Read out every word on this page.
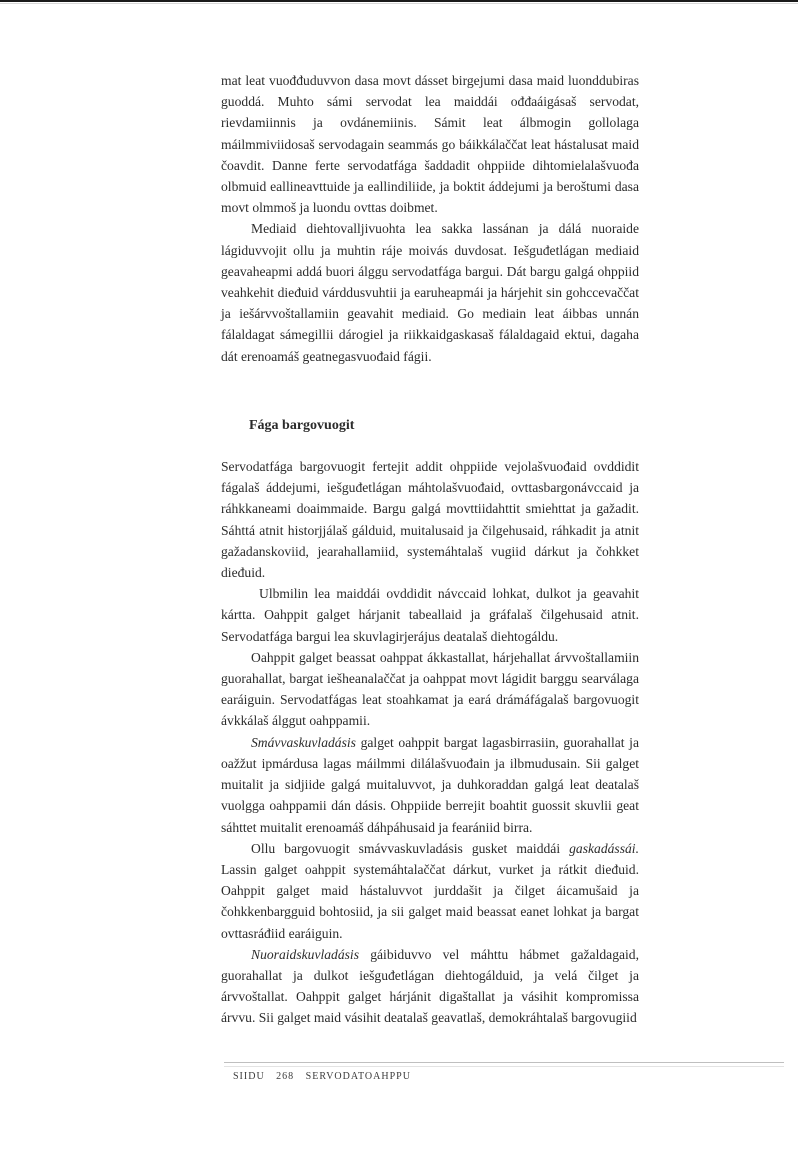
mat leat vuođđuduvvon dasa movt dásset birgejumi dasa maid luonddubiras guoddá. Muhto sámi servodat lea maiddái ođđaáigásaš servodat, rievdamiinnis ja ovdánemiinis. Sámit leat álbmogin gollolaga máilmmiviidosaš servodagain seammás go báikkálaččat leat hástalusat maid čoavdit. Danne ferte servodatfága šaddadit ohppiide dihtomielalašvuođa olbmuid eallineavttuide ja eallindiliide, ja boktit áddejumi ja beroštumi dasa movt olmmoš ja luondu ovttas doibmet.

Mediaid diehtovalljivuohta lea sakka lassánan ja dálá nuoraide lágiduvvojit ollu ja muhtin ráje moivás duvdosat. Iešguđetlágan mediaid geavaheapmi addá buori álggu servodatfága bargui. Dát bargu galgá ohppiid veahkehit dieđuid várddusvuhtii ja earuheapmái ja hárjehit sin gohccevaččat ja iešárvvoštallamiin geavahit mediaid. Go mediain leat áibbas unnán fálaldagat sámegillii dárogiel ja riikkaidgaskasaš fálaldagaid ektui, dagaha dát erenoamáš geatnegasvuođaid fágii.

Fága bargovuogit

Servodatfága bargovuogit fertejit addit ohppiide vejolašvuođaid ovddidit fágalaš áddejumi, iešguđetlágan máhtolašvuođaid, ovttasbargonávccaid ja ráhkkaneami doaimmaide. Bargu galgá movttiidahttit smiehttat ja gažadit. Sáhttá atnit historjjálaš gálduid, muitalusaid ja čilgehusaid, ráhkadit ja atnit gažadanskoviid, jearahallamiid, systemáhtalaš vugiid dárkut ja čohkket dieđuid.

Ulbmilin lea maiddái ovddidit návccaid lohkat, dulkot ja geavahit kártta. Oahppit galget hárjanit tabeallaid ja gráfalaš čilgehusaid atnit. Servodatfága bargui lea skuvlagirjerájus deatalaš diehtogáldu.

Oahppit galget beassat oahppat ákkastallat, hárjehallat árvvoštallamiin guorahallat, bargat iešheanalaččat ja oahppat movt lágidit barggu searválaga earáiguin. Servodatfágas leat stoahkamat ja eará drámáfágalaš bargovuogit ávkkálaš álggut oahppamii.

Smávvaskuvladásis galget oahppit bargat lagasbirrasiin, guorahallat ja oažžut ipmárdusa lagas máilmmi dilálašvuođain ja ilbmudusain. Sii galget muitalit ja sidjiide galgá muitaluvvot, ja duhkoraddan galgá leat deatalaš vuolgga oahppamii dán dásis. Ohppiide berrejit boahtit guossit skuvlii geat sáhttet muitalit erenoamáš dáhpáhusaid ja fearániid birra.

Ollu bargovuogit smávvaskuvladásis gusket maiddái gaskadássái. Lassin galget oahppit systemáhtalaččat dárkut, vurket ja rátkit dieđuid. Oahppit galget maid hástaluvvot jurddašit ja čilget áicamušaid ja čohkkenbargguid bohtosiid, ja sii galget maid beassat eanet lohkat ja bargat ovttasráđiid earáiguin.

Nuoraidskuvladásis gáibiduvvo vel máhttu hábmet gažaldagaid, guorahallat ja dulkot iešguđetlágan diehtogálduid, ja velá čilget ja árvvoštallat. Oahppit galget hárjánit digaštallat ja vásihit kompromissa árvvu. Sii galget maid vásihit deatalaš geavatlaš, demokráhtalaš bargovugiid

SIIDU 268 SERVODATOAHPPU
